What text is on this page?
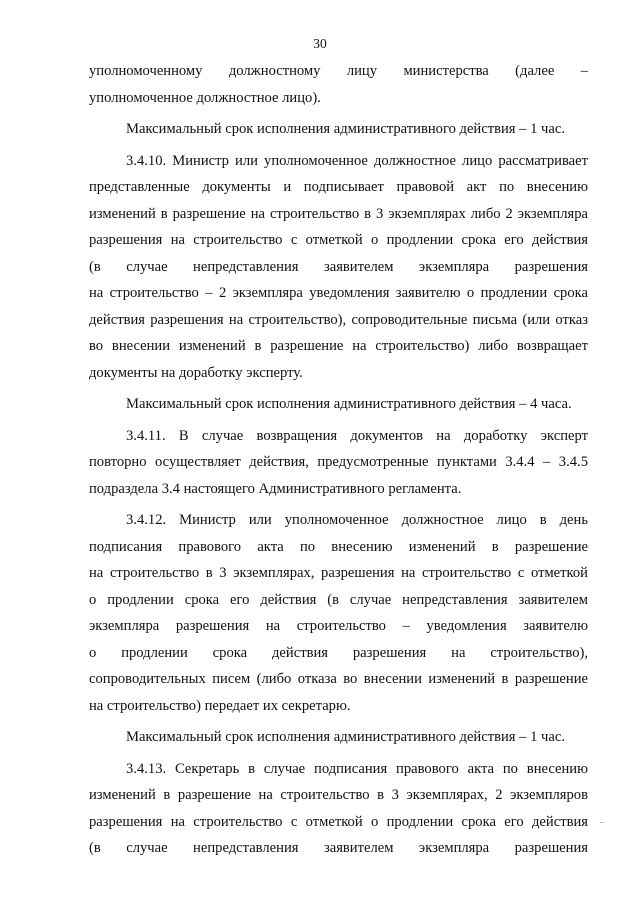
30
уполномоченному должностному лицу министерства (далее –
уполномоченное должностное лицо).
Максимальный срок исполнения административного действия – 1 час.
3.4.10. Министр или уполномоченное должностное лицо рассматривает
представленные документы и подписывает правовой акт по внесению
изменений в разрешение на строительство в 3 экземплярах либо 2 экземпляра
разрешения на строительство с отметкой о продлении срока его действия
(в случае непредставления заявителем экземпляра разрешения
на строительство – 2 экземпляра уведомления заявителю о продлении срока
действия разрешения на строительство), сопроводительные письма (или отказ
во внесении изменений в разрешение на строительство) либо возвращает
документы на доработку эксперту.
Максимальный срок исполнения административного действия – 4 часа.
3.4.11. В случае возвращения документов на доработку эксперт
повторно осуществляет действия, предусмотренные пунктами 3.4.4 – 3.4.5
подраздела 3.4 настоящего Административного регламента.
3.4.12. Министр или уполномоченное должностное лицо в день
подписания правового акта по внесению изменений в разрешение
на строительство в 3 экземплярах, разрешения на строительство с отметкой
о продлении срока его действия (в случае непредставления заявителем
экземпляра разрешения на строительство – уведомления заявителю
о продлении срока действия разрешения на строительство),
сопроводительных писем (либо отказа во внесении изменений в разрешение
на строительство) передает их секретарю.
Максимальный срок исполнения административного действия – 1 час.
3.4.13. Секретарь в случае подписания правового акта по внесению
изменений в разрешение на строительство в 3 экземплярах, 2 экземпляров
разрешения на строительство с отметкой о продлении срока его действия
(в случае непредставления заявителем экземпляра разрешения
